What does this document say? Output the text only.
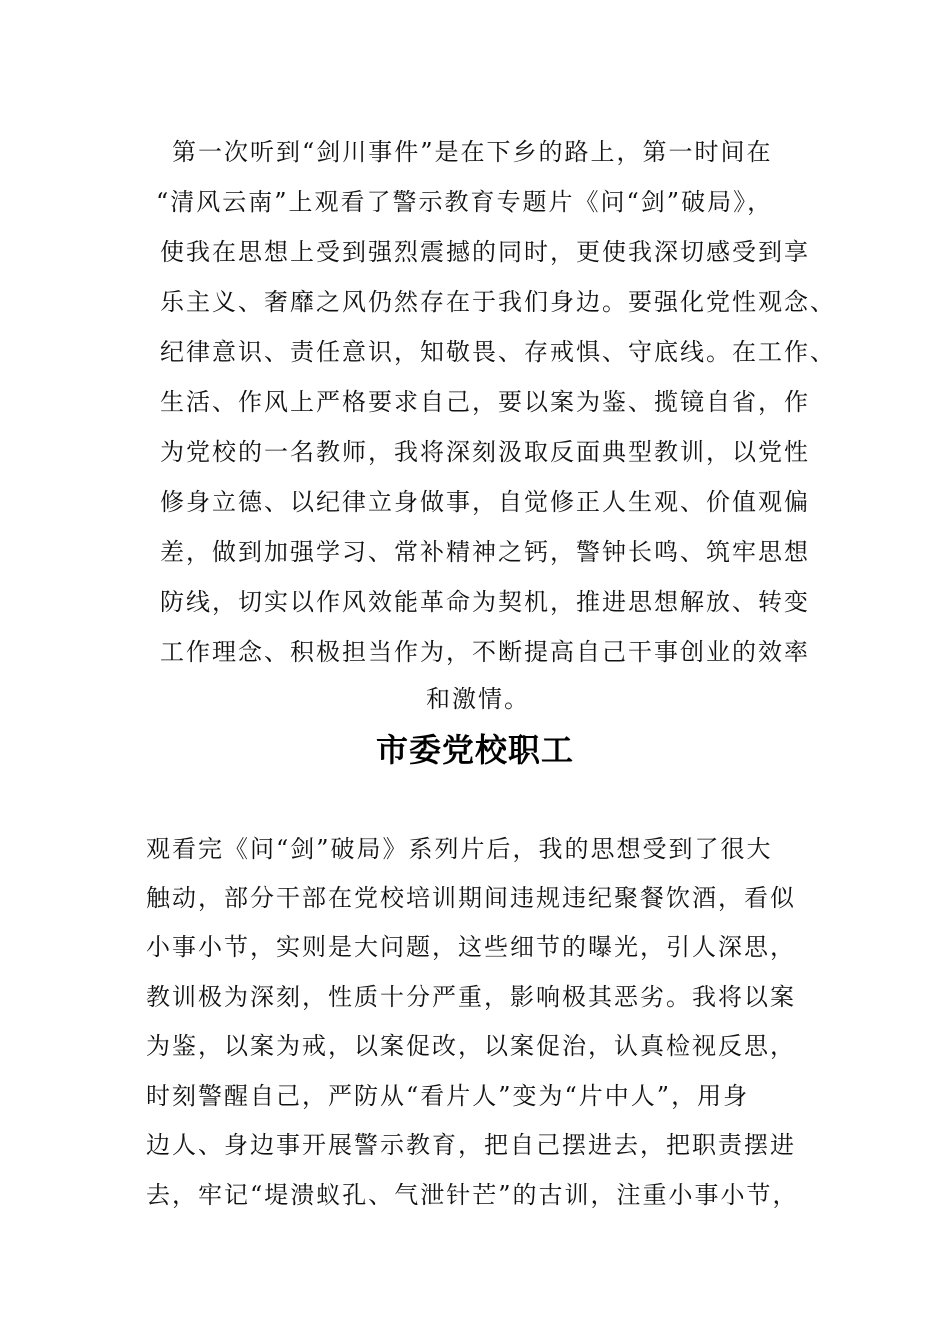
第一次听到“剑川事件”是在下乡的路上，第一时间在
“清风云南”上观看了警示教育专题片《问“剑”破局》，
使我在思想上受到强烈震撼的同时，更使我深切感受到享
乐主义、奢靡之风仍然存在于我们身边。要强化党性观念、
纪律意识、责任意识，知敬畏、存戒惧、守底线。在工作、
生活、作风上严格要求自己，要以案为鉴、揽镜自省，作
为党校的一名教师，我将深刻汲取反面典型教训，以党性
修身立德、以纪律立身做事，自觉修正人生观、价值观偏
差，做到加强学习、常补精神之钙，警钟长鸣、筑牢思想
防线，切实以作风效能革命为契机，推进思想解放、转变
工作理念、积极担当作为，不断提高自己干事创业的效率
和激情。
市委党校职工
观看完《问“剑”破局》系列片后，我的思想受到了很大
触动，部分干部在党校培训期间违规违纪聚餐饮酒，看似
小事小节，实则是大问题，这些细节的曝光，引人深思，
教训极为深刻，性质十分严重，影响极其恶劣。我将以案
为鉴，以案为戒，以案促改，以案促治，认真检视反思，
时刻警醒自己，严防从“看片人”变为“片中人”，用身
边人、身边事开展警示教育，把自己摆进去，把职责摆进
去，牢记“堤溃蚁孔、气泄针芒”的古训，注重小事小节，
